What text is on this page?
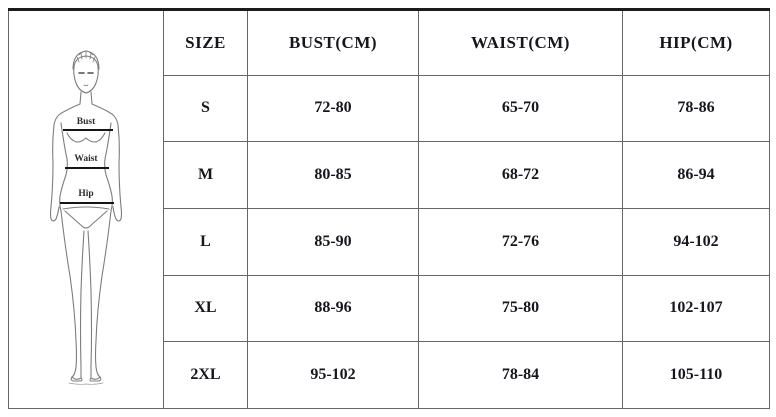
Bust
Waist
Hip	SIZE	BUST(CM)	WAIST(CM)	HIP(CM)
	S	72-80	65-70	78-86
	M	80-85	68-72	86-94
	L	85-90	72-76	94-102
	XL	88-96	75-80	102-107
	2XL	95-102	78-84	105-110
